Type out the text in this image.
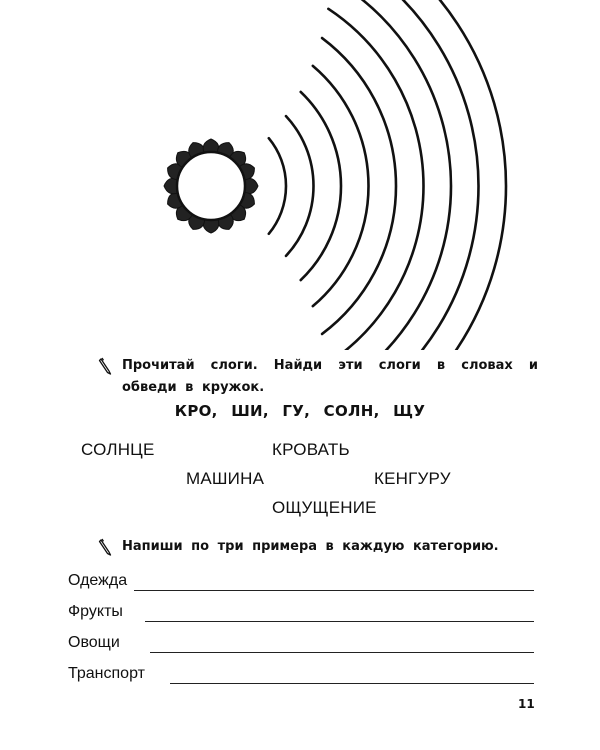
Прочитай слоги. Найди эти слоги в словах и обведи в кружок.
КРО, ШИ, ГУ, СОЛН, ЩУ
СОЛНЦЕ	КРОВАТЬ
МАШИНА	КЕНГУРУ
ОЩУЩЕНИЕ
Напиши по три примера в каждую категорию.
Одежда
Фрукты
Овощи
Транспорт
11
